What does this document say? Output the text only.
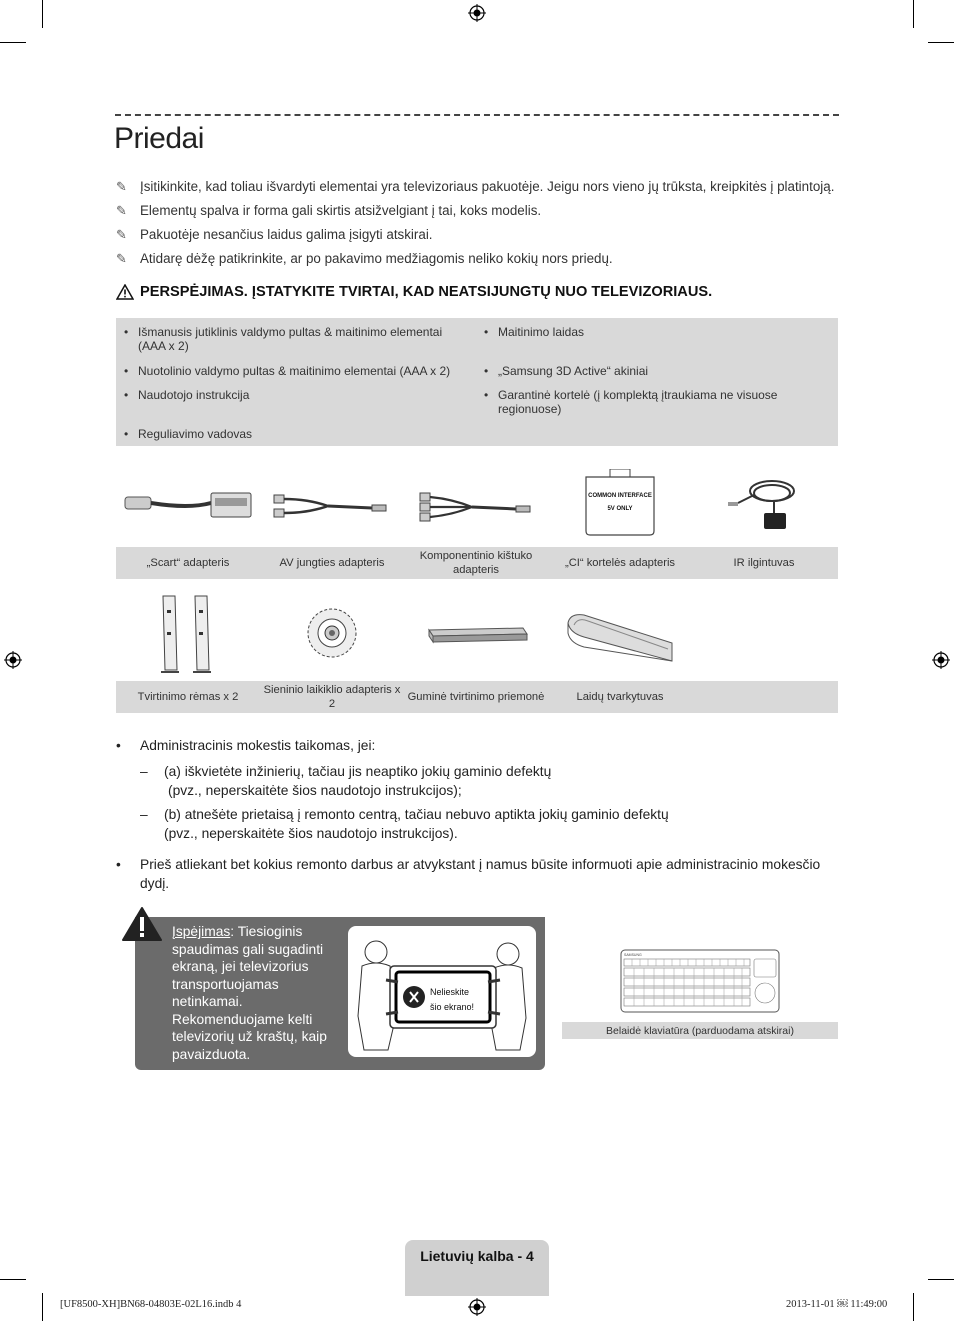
Priedai
✎ Įsitikinkite, kad toliau išvardyti elementai yra televizoriaus pakuotėje. Jeigu nors vieno jų trūksta, kreipkitės į platintoją.
✎ Elementų spalva ir forma gali skirtis atsižvelgiant į tai, koks modelis.
✎ Pakuotėje nesančius laidus galima įsigyti atskirai.
✎ Atidarę dėžę patikrinkite, ar po pakavimo medžiagomis neliko kokių nors priedų.
PERSPĖJIMAS. ĮSTATYKITE TVIRTAI, KAD NEATSIJUNGTŲ NUO TELEVIZORIAUS.
• Išmanusis jutiklinis valdymo pultas & maitinimo elementai (AAA x 2)
• Nuotolinio valdymo pultas & maitinimo elementai (AAA x 2)
• Naudotojo instrukcija
• Reguliavimo vadovas
• Maitinimo laidas
• „Samsung 3D Active“ akiniai
• Garantinė kortelė (į komplektą įtraukiama ne visuose regionuose)
COMMON INTERFACE
5V ONLY
„Scart“ adapteris	AV jungties adapteris
Komponentinio kištuko adapteris
„CI“ kortelės adapteris	IR ilgintuvas
Tvirtinimo rėmas x 2
Sieninio laikiklio adapteris x 2
Guminė tvirtinimo priemonė	Laidų tvarkytuvas
•	Administracinis mokestis taikomas, jei:
–	(a) iškvietėte inžinierių, tačiau jis neaptiko jokių gaminio defektų
(pvz., neperskaitėte šios naudotojo instrukcijos);
–	(b) atnešėte prietaisą į remonto centrą, tačiau nebuvo aptikta jokių gaminio defektų
(pvz., neperskaitėte šios naudotojo instrukcijos).
•	Prieš atliekant bet kokius remonto darbus ar atvykstant į namus būsite informuoti apie administracinio mokesčio dydį.
Įspėjimas: Tiesioginis spaudimas gali sugadinti ekraną, jei televizorius transportuojamas netinkamai. Rekomenduojame kelti televizorių už kraštų, kaip pavaizduota.
Nelieskite
šio ekrano!
SAMSUNG
Belaidė klaviatūra (parduodama atskirai)
Lietuvių kalba - 4
[UF8500-XH]BN68-04803E-02L16.indb 4	2013-11-01 ￼ 11:49:00
